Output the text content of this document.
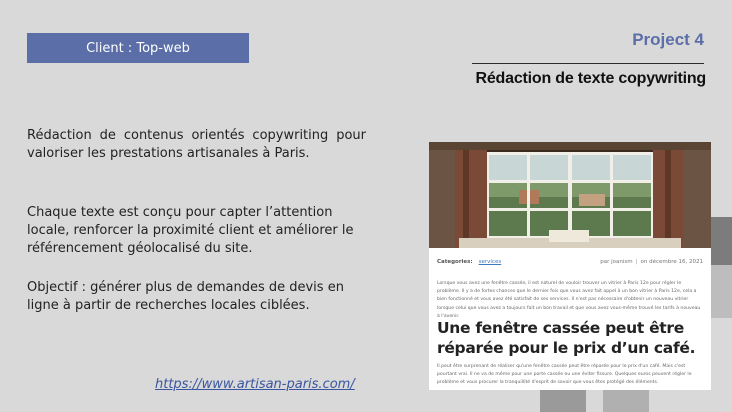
Client : Top-web	Project 4
Rédaction de texte copywriting

Rédaction de contenus orientés copywriting pour valoriser les prestations artisanales à Paris.

Chaque texte est conçu pour capter l’attention locale, renforcer la proximité client et améliorer le référencement géolocalisé du site.

Objectif : générer plus de demandes de devis en ligne à partir de recherches locales ciblées.

https://www.artisan-paris.com/
Categories: services	par joanism | on décembre 16, 2021

Lorsque vous avez une fenêtre cassée, il est naturel de vouloir trouver un vitrier à Paris 12e pour régler le problème. Il y a de fortes chances que le dernier fois que vous avez fait appel à un bon vitrier à Paris 12e, cela a bien fonctionné et vous avez été satisfait de ses services. Il n'est pas nécessaire d'obtenir un nouveau vitrier lorsque celui que vous avez a toujours fait un bon travail et que vous avez vous-même trouvé les tarifs à nouveau à l'avenir.

Une fenêtre cassée peut être réparée pour le prix d’un café.

Il peut être surprenant de réaliser qu'une fenêtre cassée peut être réparée pour le prix d'un café. Mais c'est pourtant vrai. Il ne va de même pour une porte cassée ou une éviter fissure. Quelques euros peuvent régler le problème et vous procurer la tranquillité d'esprit de savoir que vous êtes protégé des éléments.
